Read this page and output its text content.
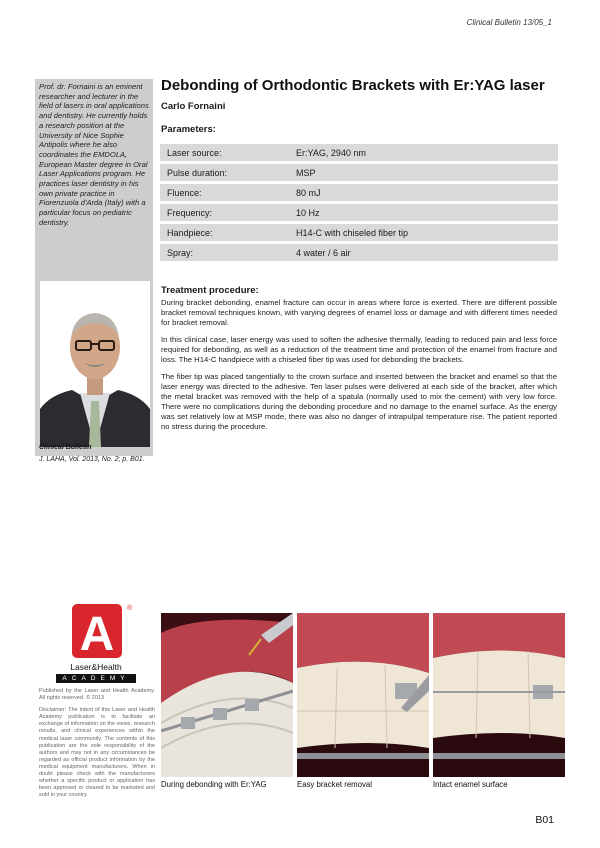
Clinical Bulletin 13/05_1
Prof. dr. Fornaini is an eminent researcher and lecturer in the field of lasers in oral applications and dentistry. He currently holds a research position at the University of Nice Sophie Antipolis where he also coordinates the EMDOLA, European Master degree in Oral Laser Applications program. He practices laser dentistry in his own private practice in Fiorenzuola d'Arda (Italy) with a particular focus on pediatric dentistry.
Clinical Bulletin
J. LAHA, Vol. 2013, No. 2; p. B01.
Debonding of Orthodontic Brackets with Er:YAG laser
Carlo Fornaini
Parameters:
Laser source:	Er:YAG, 2940 nm
Pulse duration:	MSP
Fluence:	80 mJ
Frequency:	10 Hz
Handpiece:	H14-C with chiseled fiber tip
Spray:	4 water / 6 air
Treatment procedure:

During bracket debonding, enamel fracture can occur in areas where force is exerted. There are different possible bracket removal techniques known, with varying degrees of enamel loss or damage and with different times needed for bracket removal.

In this clinical case, laser energy was used to soften the adhesive thermally, leading to reduced pain and less force required for debonding, as well as a reduction of the treatment time and protection of the enamel from fracture and loss. The H14-C handpiece with a chiseled fiber tip was used for debonding the brackets.

The fiber tip was placed tangentially to the crown surface and inserted between the bracket and enamel so that the laser energy was directed to the adhesive. Ten laser pulses were delivered at each side of the bracket, after which the metal bracket was removed with the help of a spatula (normally used to mix the cement) with very low force. There were no complications during the debonding procedure and no damage to the enamel surface. As the energy was set relatively low at MSP mode, there was also no danger of intrapulpal temperature rise. The patient reported no stress during the procedure.

A ®
Laser&Health
ACADEMY

Published by the Laser and Health Academy. All rights reserved. © 2013

Disclaimer: The intent of this Laser and Health Academy publication is to facilitate an exchange of information on the views, research results, and clinical experiences within the medical laser community. The contents of this publication are the sole responsibility of the authors and may not in any circumstances be regarded as official product information by the medical equipment manufacturers. When in doubt please check with the manufacturers whether a specific product or application has been approved or cleared to be marketed and sold in your country.

During debonding with Er:YAG	Easy bracket removal	Intact enamel surface
B01
